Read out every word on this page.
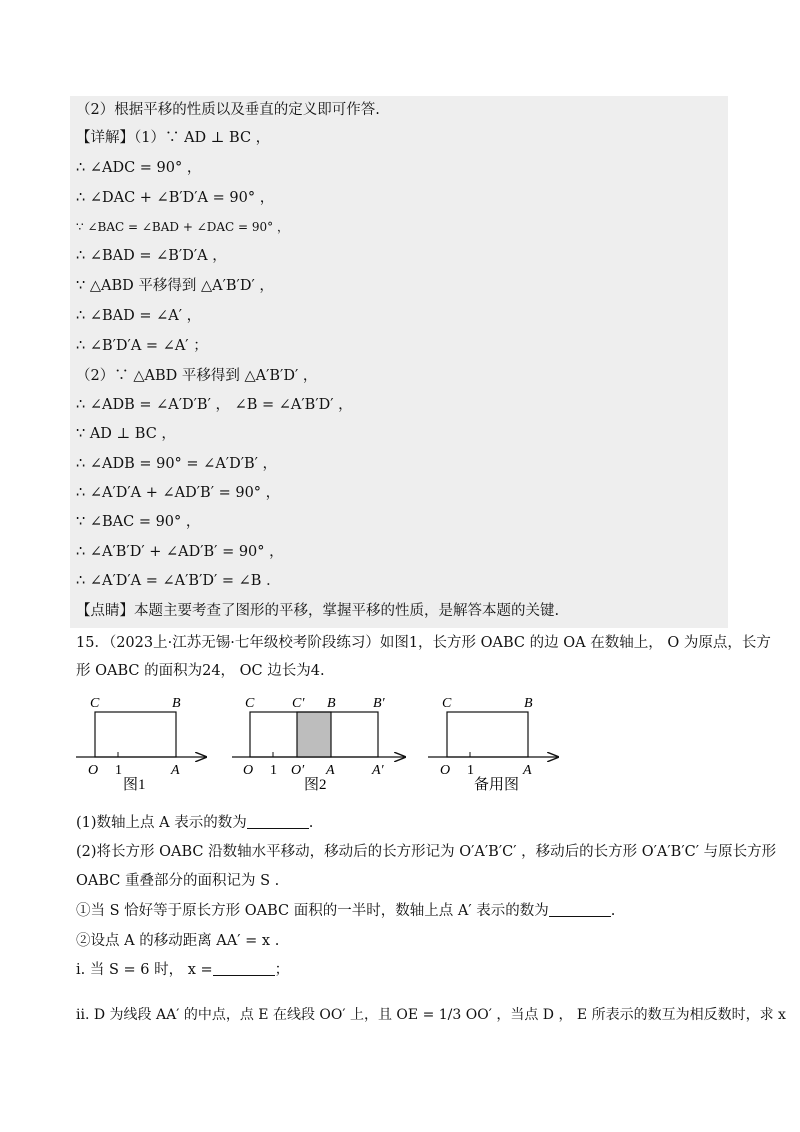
（2）根据平移的性质以及垂直的定义即可作答.
【详解】（1）∵ AD ⊥ BC ，
∴ ∠ADC = 90° ，
∴ ∠DAC + ∠B′D′A = 90° ，
∵ ∠BAC = ∠BAD + ∠DAC = 90° ，
∴ ∠BAD = ∠B′D′A ，
∵ △ABD 平移得到 △A′B′D′ ，
∴ ∠BAD = ∠A′ ，
∴ ∠B′D′A = ∠A′ ；
（2）∵ △ABD 平移得到 △A′B′D′ ，
∴ ∠ADB = ∠A′D′B′ ， ∠B = ∠A′B′D′ ，
∵ AD ⊥ BC ，
∴ ∠ADB = 90° = ∠A′D′B′ ，
∴ ∠A′D′A + ∠AD′B′ = 90° ，
∵ ∠BAC = 90° ，
∴ ∠A′B′D′ + ∠AD′B′ = 90° ，
∴ ∠A′D′A = ∠A′B′D′ = ∠B ．
【点睛】本题主要考查了图形的平移，掌握平移的性质，是解答本题的关键.
15．（2023上·江苏无锡·七年级校考阶段练习）如图1，长方形 OABC 的边 OA 在数轴上， O 为原点，长方
形 OABC 的面积为24， OC 边长为4.
C	B
O 1	A
图1
C	C′ B	B′
O 1 O′ A	A′
图2
C	B
O 1	A
备用图
(1)数轴上点 A 表示的数为	.
(2)将长方形 OABC 沿数轴水平移动，移动后的长方形记为 O′A′B′C′ ，移动后的长方形 O′A′B′C′ 与原长方形
OABC 重叠部分的面积记为 S .
①当 S 恰好等于原长方形 OABC 面积的一半时，数轴上点 A′ 表示的数为	.
②设点 A 的移动距离 AA′ = x .
i. 当 S = 6 时， x =	；
ii. D 为线段 AA′ 的中点，点 E 在线段 OO′ 上，且 OE = 1/3 OO′ ，当点 D ， E 所表示的数互为相反数时，求 x
